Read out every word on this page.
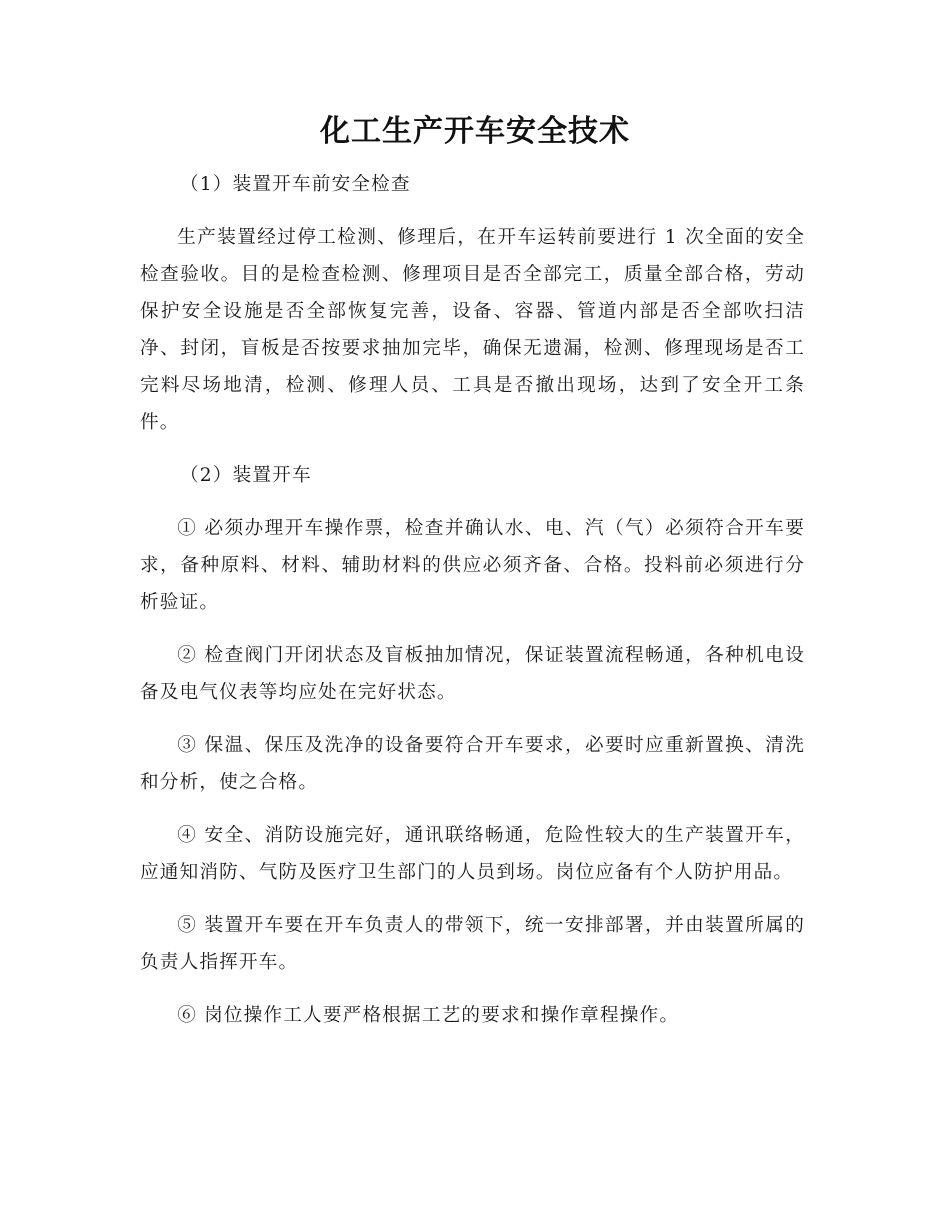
化工生产开车安全技术

（1）装置开车前安全检查

生产装置经过停工检测、修理后，在开车运转前要进行 1 次全面的安全检查验收。目的是检查检测、修理项目是否全部完工，质量全部合格，劳动保护安全设施是否全部恢复完善，设备、容器、管道内部是否全部吹扫洁净、封闭，盲板是否按要求抽加完毕，确保无遗漏，检测、修理现场是否工完料尽场地清，检测、修理人员、工具是否撤出现场，达到了安全开工条件。

（2）装置开车

① 必须办理开车操作票，检查并确认水、电、汽（气）必须符合开车要求，备种原料、材料、辅助材料的供应必须齐备、合格。投料前必须进行分析验证。

② 检查阀门开闭状态及盲板抽加情况，保证装置流程畅通，各种机电设备及电气仪表等均应处在完好状态。

③ 保温、保压及洗净的设备要符合开车要求，必要时应重新置换、清洗和分析，使之合格。

④ 安全、消防设施完好，通讯联络畅通，危险性较大的生产装置开车，应通知消防、气防及医疗卫生部门的人员到场。岗位应备有个人防护用品。

⑤ 装置开车要在开车负责人的带领下，统一安排部署，并由装置所属的负责人指挥开车。

⑥ 岗位操作工人要严格根据工艺的要求和操作章程操作。
